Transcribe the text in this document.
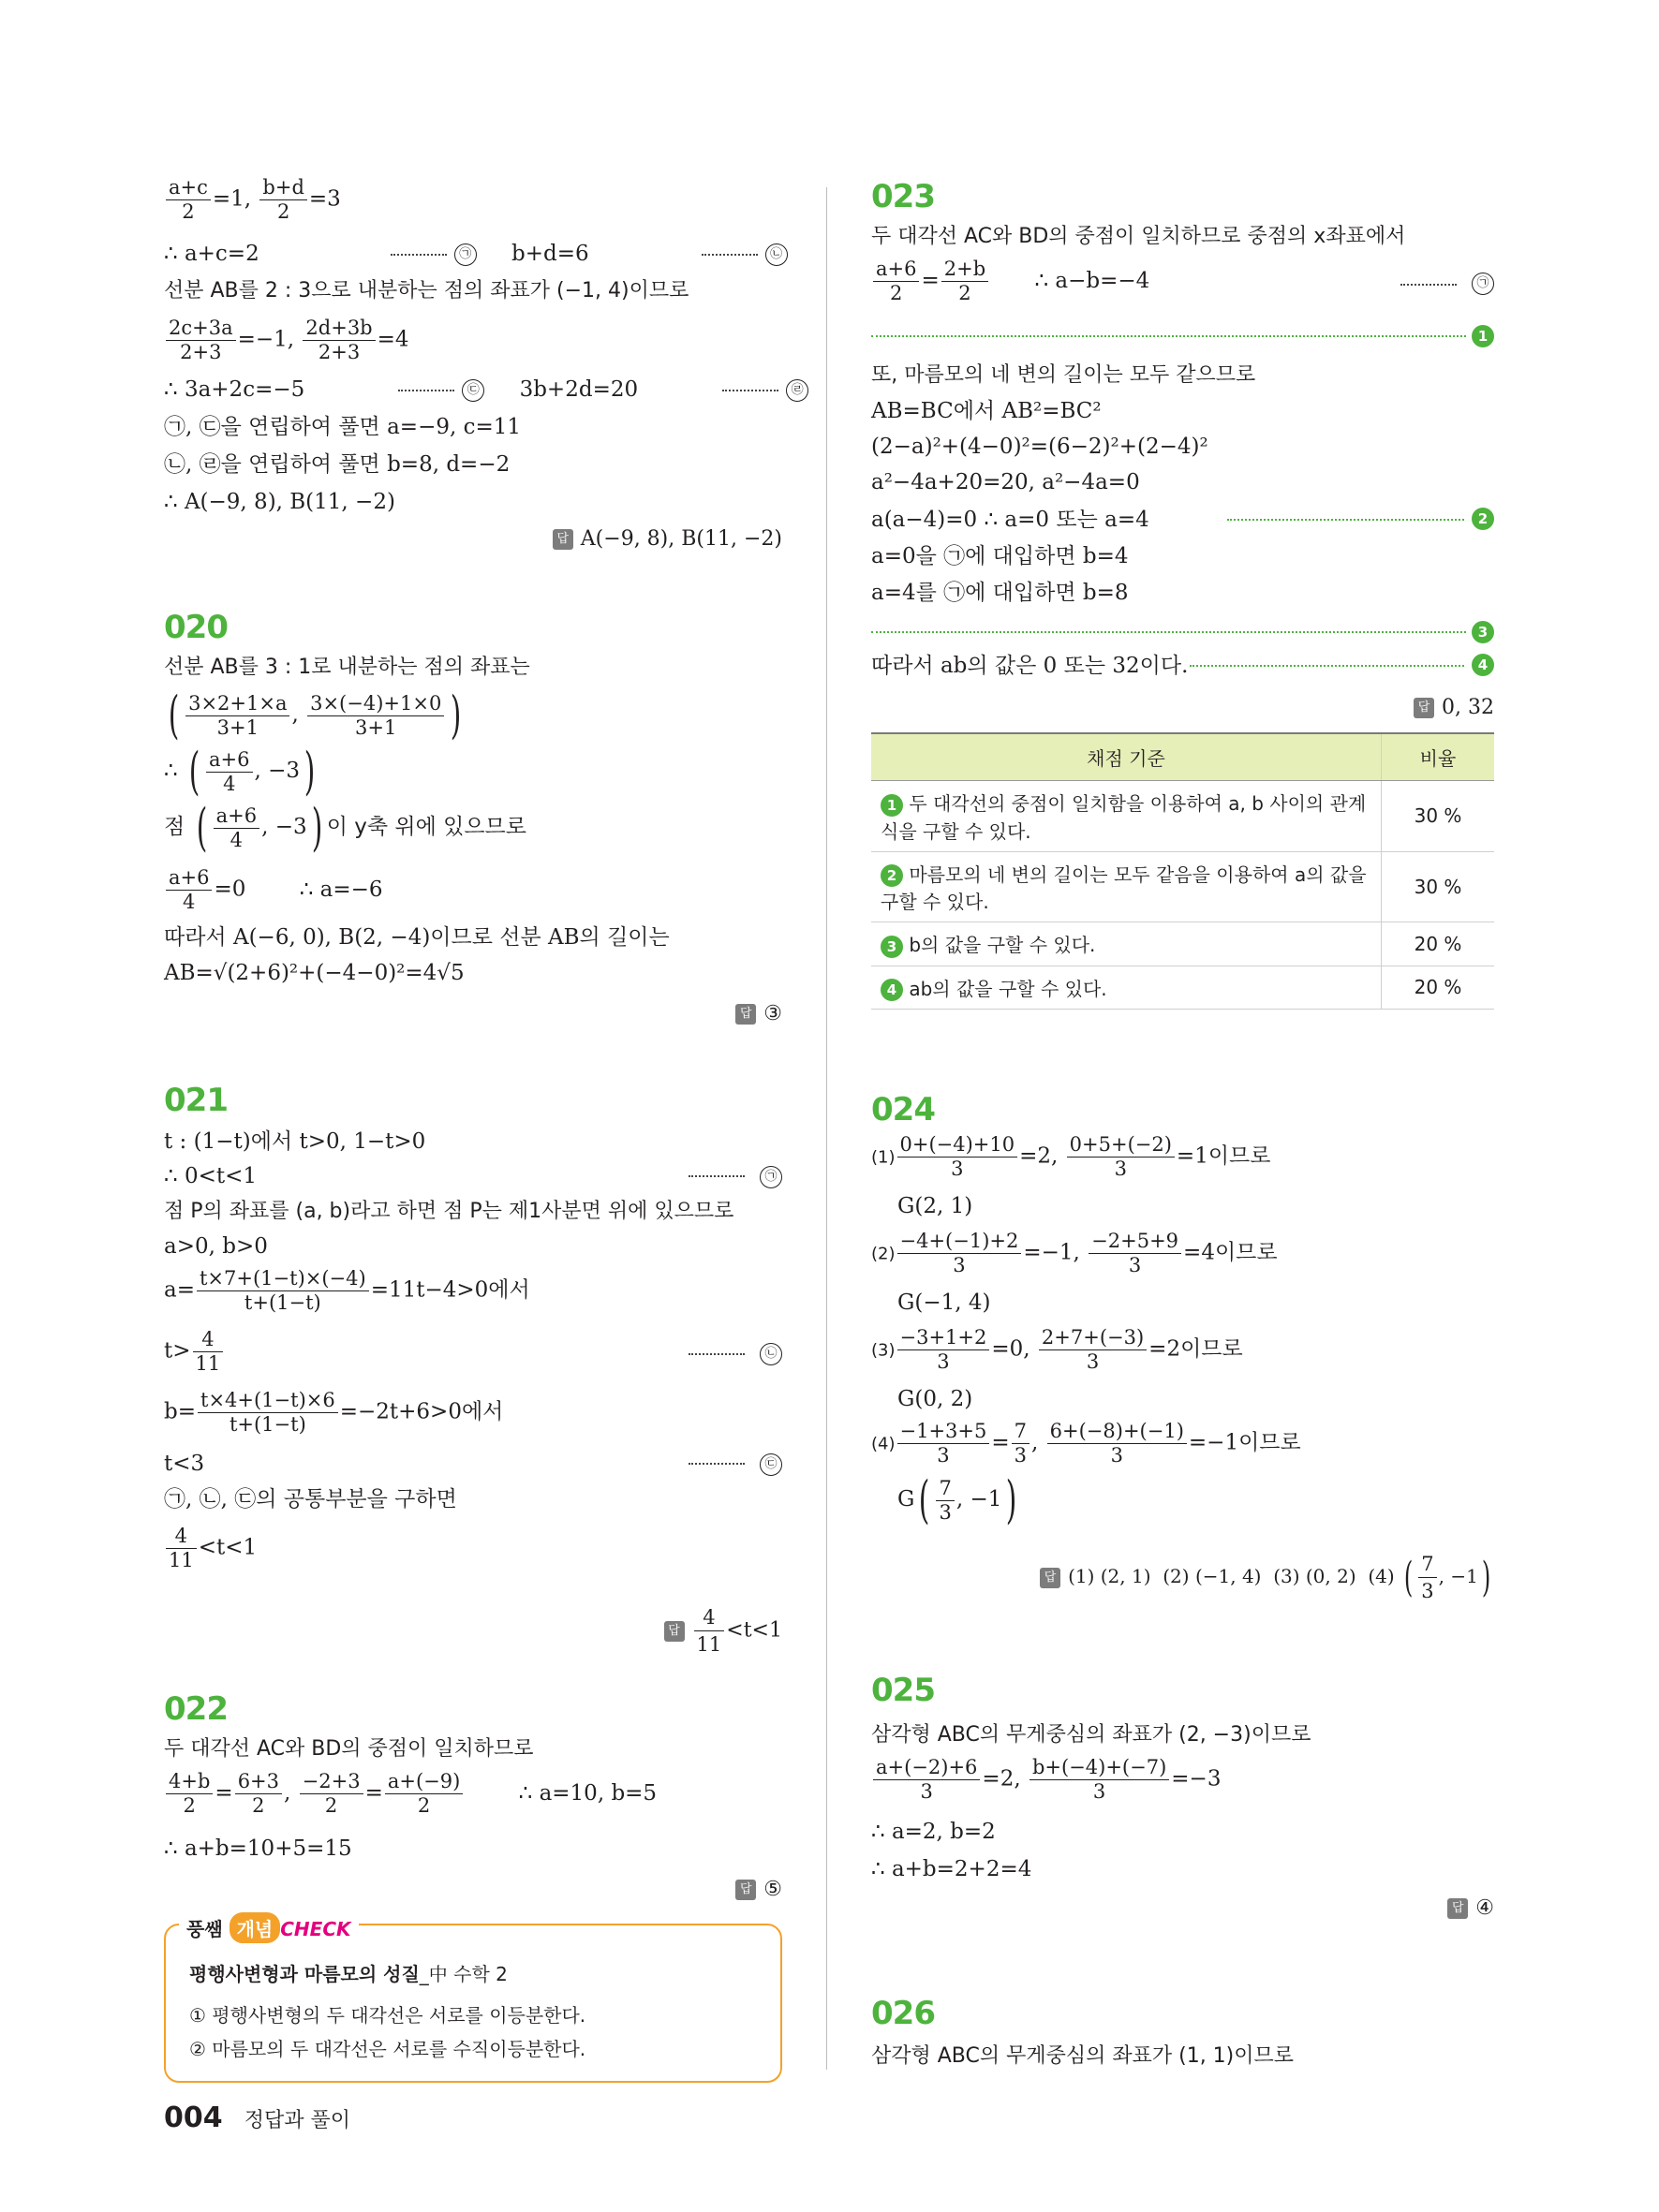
$\frac{a+c}{2} =1$, $\frac{b+d}{2} =3$
∴ a+c=2	㉠ b+d=6	㉡
선분 AB를 2 : 3으로 내분하는 점의 좌표가 (−1, 4)이므로
$\frac{2c+3a}{2+3} =-1$, $\frac{2d+3b}{2+3} =4$
∴ 3a+2c=−5	㉢ 3b+2d=20	㉣
㉠, ㉢을 연립하여 풀면 a=−9, c=11
㉡, ㉣을 연립하여 풀면 b=8, d=−2
∴ A(−9, 8), B(11, −2)
답 A(−9, 8), B(11, −2)
020
선분 AB를 3 : 1로 내분하는 점의 좌표는
( $\frac{3\times 2+1\times a}{3+1}$ , $\frac{3\times(-4)+1\times 0}{3+1}$ )
∴ ( $\frac{a+6}{4}$ , −3)
점 ( $\frac{a+6}{4}$ , −3) 이 y축 위에 있으므로
$\frac{a+6}{4} =0$ ∴ a=−6
따라서 A(−6, 0), B(2, −4)이므로 선분 AB의 길이는
AB=√(2+6)²+(−4−0)²=4√5
답 ③
021
t : (1−t)에서 t>0, 1−t>0
∴ 0<t<1	㉠
점 P의 좌표를 (a, b)라고 하면 점 P는 제1사분면 위에 있으므로
a>0, b>0
$a= \frac{t\times 7+(1-t)\times(-4)}{t+(1-t)} =11t-4>0$에서
$t> \frac{4}{11}$	㉡
$b= \frac{t\times 4+(1-t)\times 6}{t+(1-t)} =-2t+6>0$에서
t<3	㉢
㉠, ㉡, ㉢의 공통부분을 구하면
$\frac{4}{11} <t<1$
답 $\frac{4}{11} <t<1$
022
두 대각선 AC와 BD의 중점이 일치하므로
$\frac{4+b}{2} = \frac{6+3}{2}$ , $\frac{-2+3}{2} = \frac{a+(-9)}{2}$	∴ a=10, b=5
∴ a+b=10+5=15
답 ⑤
풍쌤 개념 CHECK
평행사변형과 마름모의 성질_中 수학 2
① 평행사변형의 두 대각선은 서로를 이등분한다.
② 마름모의 두 대각선은 서로를 수직이등분한다.
023
두 대각선 AC와 BD의 중점이 일치하므로 중점의 x좌표에서
$\frac{a+6}{2} = \frac{2+b}{2}$ ∴ a−b=−4	㉠
1
또, 마름모의 네 변의 길이는 모두 같으므로
AB=BC에서 AB²=BC²
(2−a)²+(4−0)²=(6−2)²+(2−4)²
a²−4a+20=20, a²−4a=0
a(a−4)=0 ∴ a=0 또는 a=4	2
a=0을 ㉠에 대입하면 b=4
a=4를 ㉠에 대입하면 b=8
3
따라서 ab의 값은 0 또는 32이다.	4
답 0, 32
채점 기준	비율
1 두 대각선의 중점이 일치함을 이용하여 a, b 사이의 관계식을 구할 수 있다.	30 %
2 마름모의 네 변의 길이는 모두 같음을 이용하여 a의 값을 구할 수 있다.	30 %
3 b의 값을 구할 수 있다.	20 %
4 ab의 값을 구할 수 있다.	20 %
024
$(1) \frac{0+(-4)+10}{3} =2$, $\frac{0+5+(-2)}{3} =1$이므로
G(2, 1)
$(2) \frac{-4+(-1)+2}{3} =-1$, $\frac{-2+5+9}{3} =4$이므로
G(−1, 4)
$(3) \frac{-3+1+2}{3} =0$, $\frac{2+7+(-3)}{3} =2$이므로
G(0, 2)
$(4) \frac{-1+3+5}{3} = \frac{7}{3}$ , $\frac{6+(-8)+(-1)}{3} =-1$이므로
$G( \frac{7}{3}$ , −1)
답 (1) (2, 1) (2) (−1, 4) (3) (0, 2) (4) ( $\frac{7}{3}$ , −1)
025
삼각형 ABC의 무게중심의 좌표가 (2, −3)이므로
$\frac{a+(-2)+6}{3} =2$, $\frac{b+(-4)+(-7)}{3} =-3$
∴ a=2, b=2
∴ a+b=2+2=4
답 ④
026
삼각형 ABC의 무게중심의 좌표가 (1, 1)이므로
004 정답과 풀이
